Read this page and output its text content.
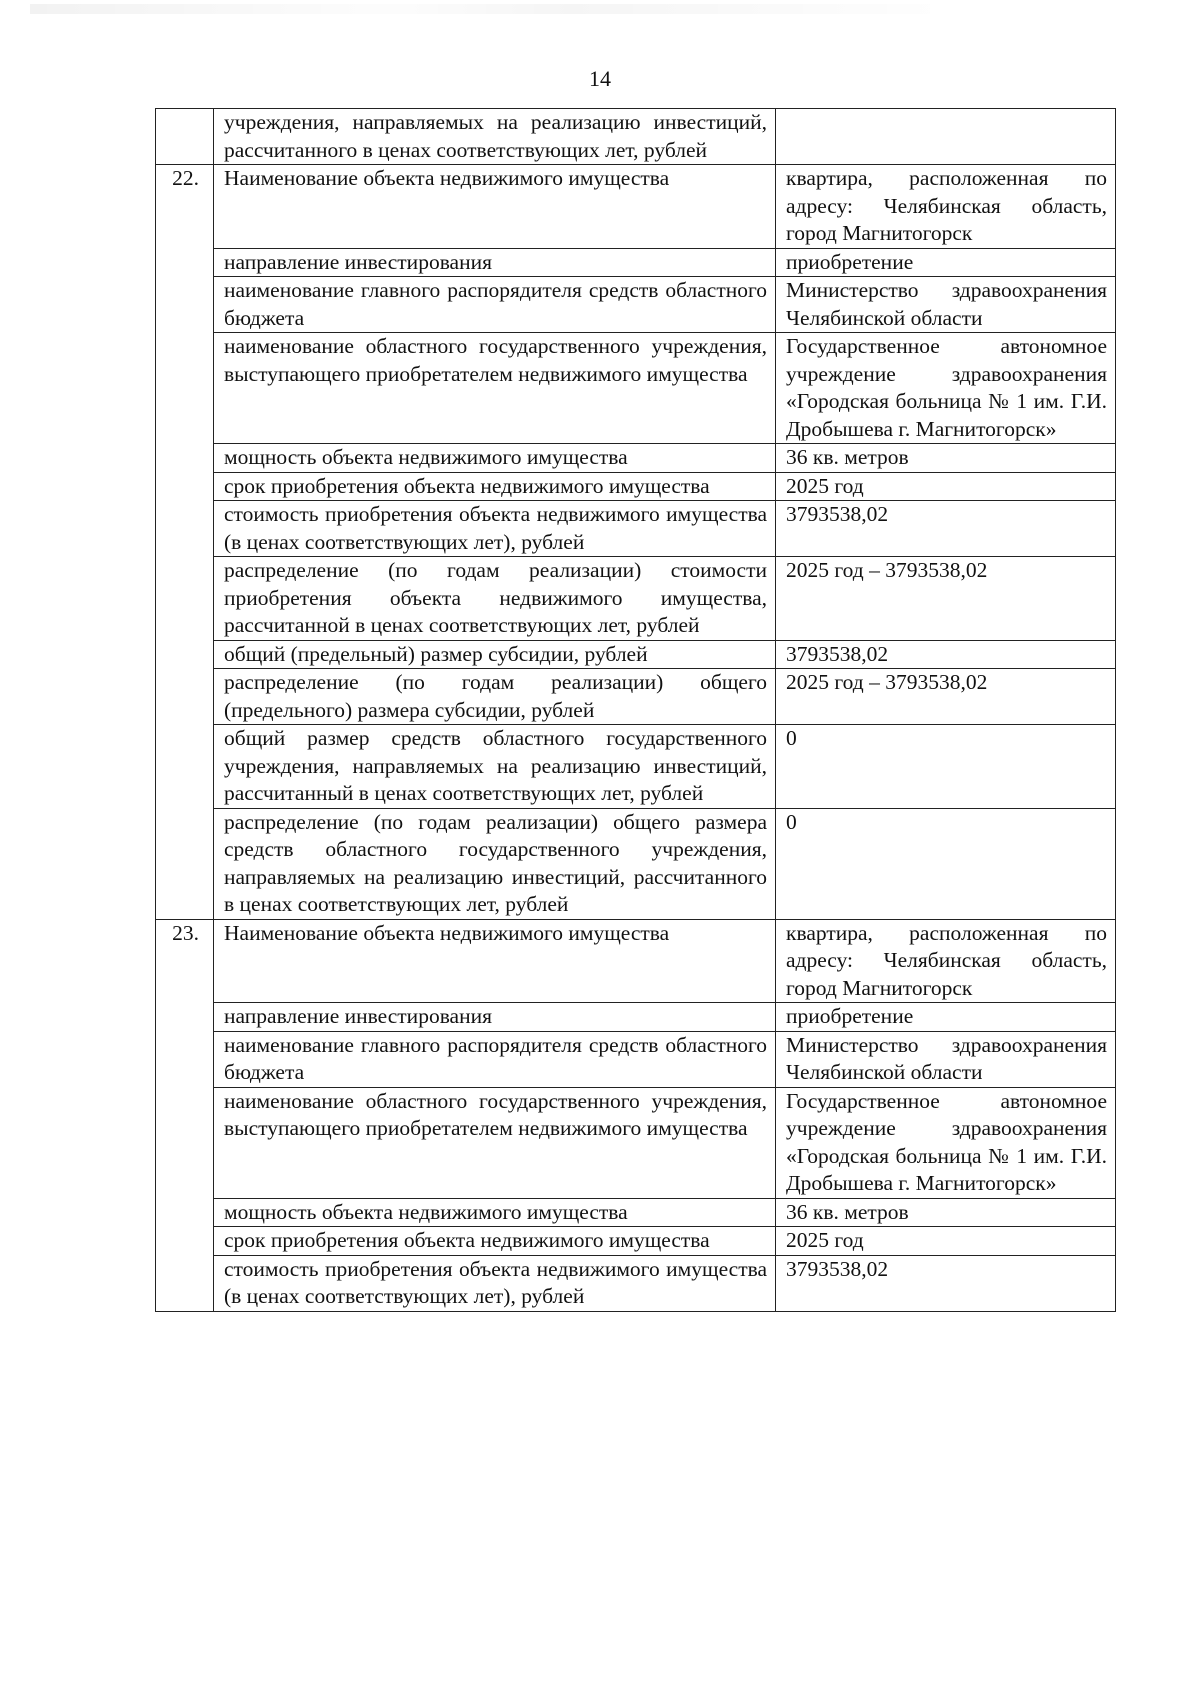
14
	учреждения, направляемых на реализацию инвестиций, рассчитанного в ценах соответствующих лет, рублей	
22.	Наименование объекта недвижимого имущества	квартира, расположенная по адресу: Челябинская область, город Магнитогорск
	направление инвестирования	приобретение
	наименование главного распорядителя средств областного бюджета	Министерство здравоохранения Челябинской области
	наименование областного государственного учреждения, выступающего приобретателем недвижимого имущества	Государственное автономное учреждение здравоохранения «Городская больница № 1 им. Г.И. Дробышева г. Магнитогорск»
	мощность объекта недвижимого имущества	36 кв. метров
	срок приобретения объекта недвижимого имущества	2025 год
	стоимость приобретения объекта недвижимого имущества (в ценах соответствующих лет), рублей	3793538,02
	распределение (по годам реализации) стоимости приобретения объекта недвижимого имущества, рассчитанной в ценах соответствующих лет, рублей	2025 год – 3793538,02
	общий (предельный) размер субсидии, рублей	3793538,02
	распределение (по годам реализации) общего (предельного) размера субсидии, рублей	2025 год – 3793538,02
	общий размер средств областного государственного учреждения, направляемых на реализацию инвестиций, рассчитанный в ценах соответствующих лет, рублей	0
	распределение (по годам реализации) общего размера средств областного государственного учреждения, направляемых на реализацию инвестиций, рассчитанного в ценах соответствующих лет, рублей	0
23.	Наименование объекта недвижимого имущества	квартира, расположенная по адресу: Челябинская область, город Магнитогорск
	направление инвестирования	приобретение
	наименование главного распорядителя средств областного бюджета	Министерство здравоохранения Челябинской области
	наименование областного государственного учреждения, выступающего приобретателем недвижимого имущества	Государственное автономное учреждение здравоохранения «Городская больница № 1 им. Г.И. Дробышева г. Магнитогорск»
	мощность объекта недвижимого имущества	36 кв. метров
	срок приобретения объекта недвижимого имущества	2025 год
	стоимость приобретения объекта недвижимого имущества (в ценах соответствующих лет), рублей	3793538,02
